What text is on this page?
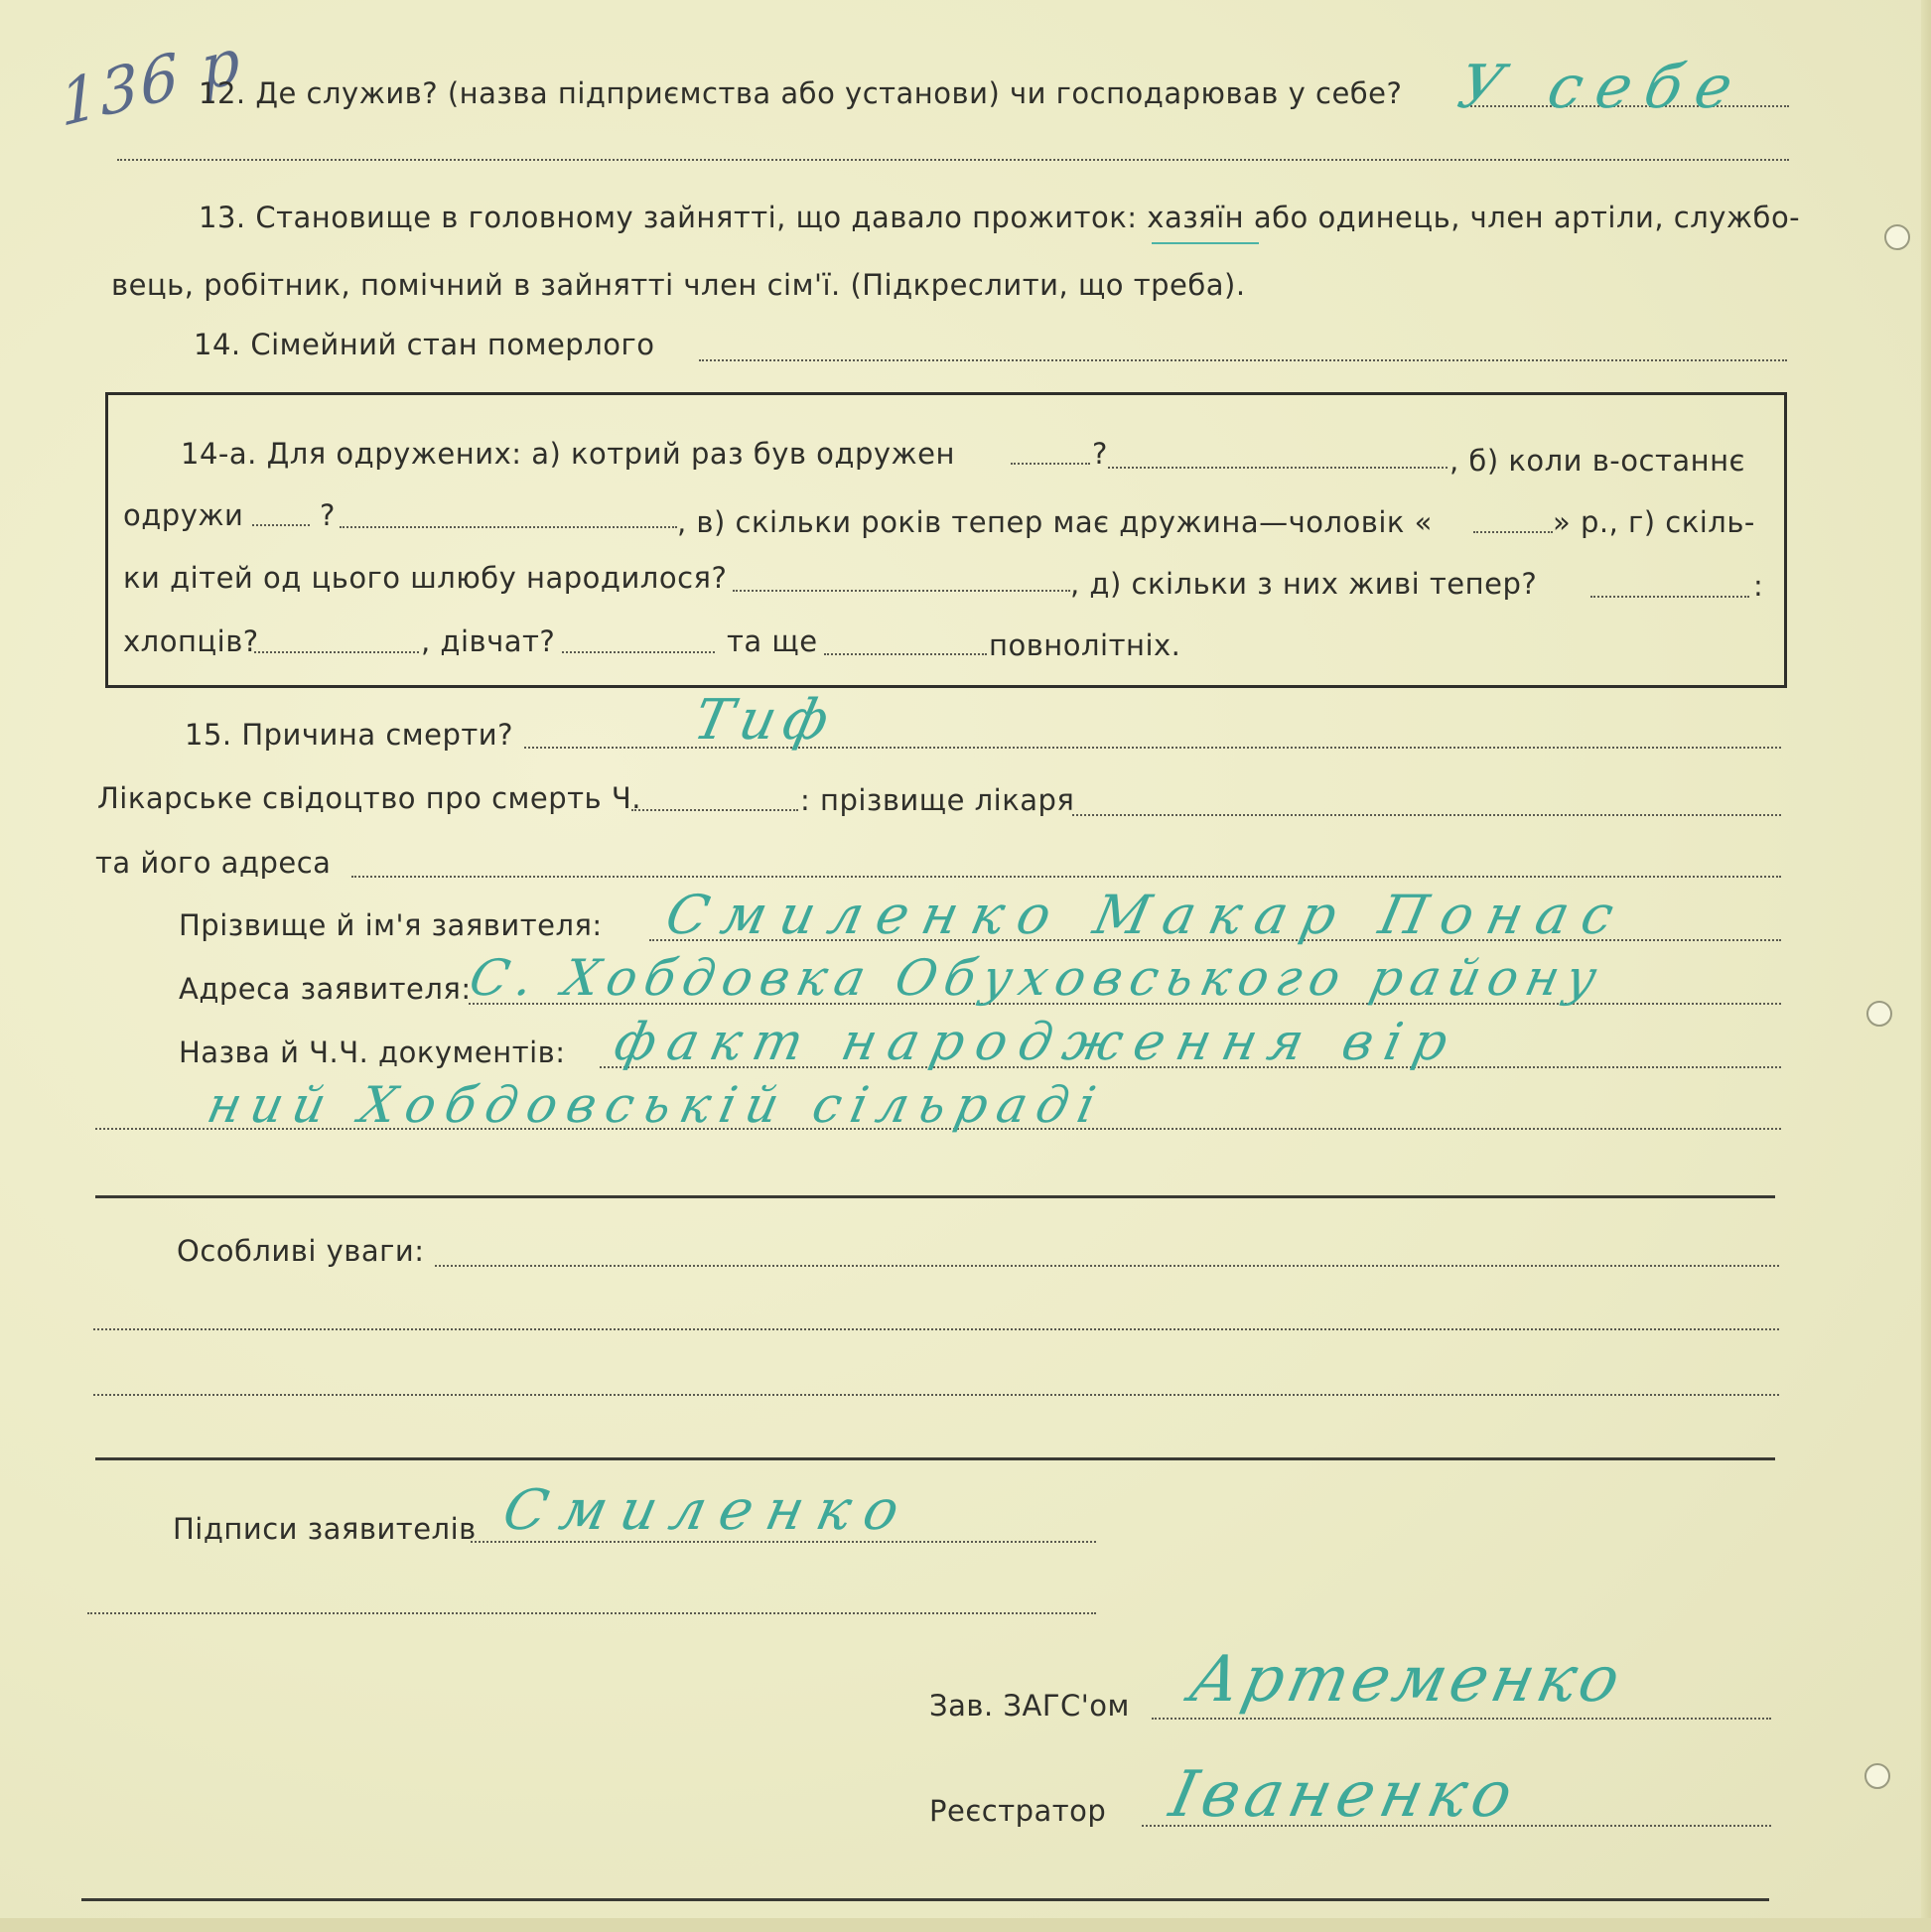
136 р
12. Де служив? (назва підприємства або установи) чи господарював у себе? У себе
13. Становище в головному зайнятті, що давало прожиток: хазяїн або одинець, член артіли, службо-
вець, робітник, помічний в зайнятті член сім'ї. (Підкреслити, що треба).
14. Сімейний стан померлого
14-а. Для одружених: а) котрий раз був одружен	?	, б) коли в-останнє
одружи	?	, в) скільки років тепер має дружина—чоловік «	» р., г) скіль-
ки дітей од цього шлюбу народилося?	, д) скільки з них живі тепер?	:
хлопців?	, дівчат?	та ще	повнолітніх.
15. Причина смерти?	Тиф
Лікарське свідоцтво про смерть Ч.	: прізвище лікаря
та його адреса
Прізвище й ім'я заявителя: Смиленко Макар Понас
Адреса заявителя:
С. Хобдовка Обуховського району
Назва й Ч.Ч. документів: факт народження вір
ний Хобдовській сільраді
Особливі уваги:
Підписи заявителів Смиленко
Зав. ЗАГС'ом Артеменко
Реєстратор Іваненко
